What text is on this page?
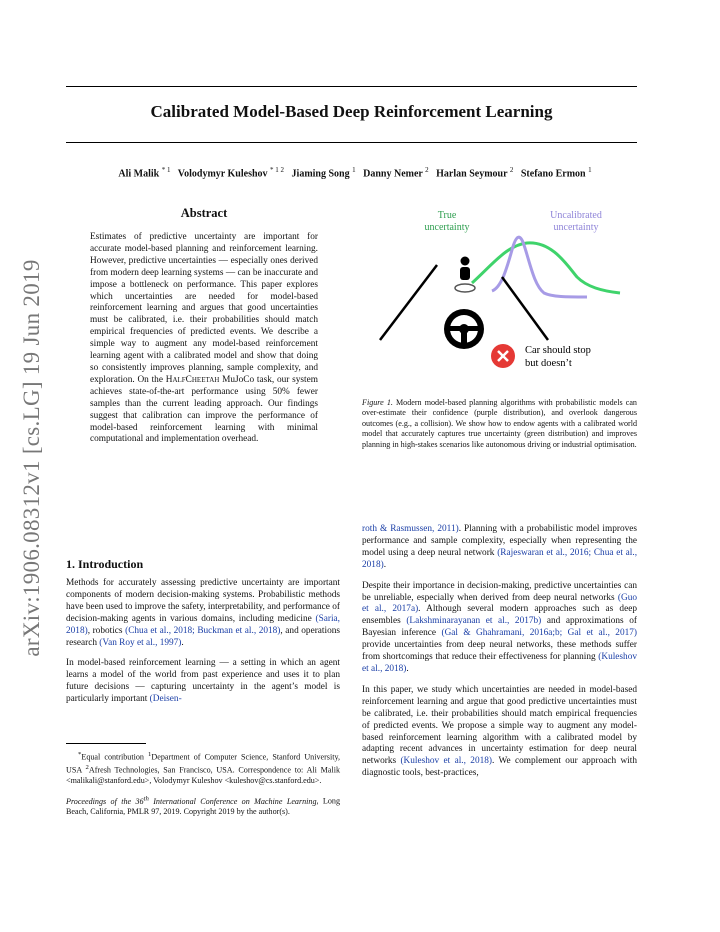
arXiv:1906.08312v1 [cs.LG] 19 Jun 2019
Calibrated Model-Based Deep Reinforcement Learning
Ali Malik $^{* 1}$ Volodymyr Kuleshov $^{* 1 2}$ Jiaming Song $^1$ Danny Nemer $^2$ Harlan Seymour $^2$ Stefano Ermon $^1$
Abstract
Estimates of predictive uncertainty are important for accurate model-based planning and reinforcement learning. However, predictive uncertainties — especially ones derived from modern deep learning systems — can be inaccurate and impose a bottleneck on performance. This paper explores which uncertainties are needed for model-based reinforcement learning and argues that good uncertainties must be calibrated, i.e. their probabilities should match empirical frequencies of predicted events. We describe a simple way to augment any model-based reinforcement learning agent with a calibrated model and show that doing so consistently improves planning, sample complexity, and exploration. On the HalfCheetah MuJoCo task, our system achieves state-of-the-art performance using 50% fewer samples than the current leading approach. Our findings suggest that calibration can improve the performance of model-based reinforcement learning with minimal computational and implementation overhead.
True
uncertainty
Uncalibrated
uncertainty
Car should stop
but doesn’t
Figure 1. Modern model-based planning algorithms with probabilistic models can over-estimate their confidence (purple distribution), and overlook dangerous outcomes (e.g., a collision). We show how to endow agents with a calibrated world model that accurately captures true uncertainty (green distribution) and improves planning in high-stakes scenarios like autonomous driving or industrial optimisation.
1. Introduction

Methods for accurately assessing predictive uncertainty are important components of modern decision-making systems. Probabilistic methods have been used to improve the safety, interpretability, and performance of decision-making agents in various domains, including medicine (Saria, 2018), robotics (Chua et al., 2018; Buckman et al., 2018), and operations research (Van Roy et al., 1997).

In model-based reinforcement learning — a setting in which an agent learns a model of the world from past experience and uses it to plan future decisions — capturing uncertainty in the agent’s model is particularly important (Deisen-

*Equal contribution $^1$Department of Computer Science, Stanford University, USA $^2$Afresh Technologies, San Francisco, USA. Correspondence to: Ali Malik <malikali@stanford.edu>, Volodymyr Kuleshov <kuleshov@cs.stanford.edu>.
Proceedings of the 36th International Conference on Machine Learning, Long Beach, California, PMLR 97, 2019. Copyright 2019 by the author(s).

roth & Rasmussen, 2011). Planning with a probabilistic model improves performance and sample complexity, especially when representing the model using a deep neural network (Rajeswaran et al., 2016; Chua et al., 2018).

Despite their importance in decision-making, predictive uncertainties can be unreliable, especially when derived from deep neural networks (Guo et al., 2017a). Although several modern approaches such as deep ensembles (Lakshminarayanan et al., 2017b) and approximations of Bayesian inference (Gal & Ghahramani, 2016a;b; Gal et al., 2017) provide uncertainties from deep neural networks, these methods suffer from shortcomings that reduce their effectiveness for planning (Kuleshov et al., 2018).

In this paper, we study which uncertainties are needed in model-based reinforcement learning and argue that good predictive uncertainties must be calibrated, i.e. their probabilities should match empirical frequencies of predicted events. We propose a simple way to augment any model-based reinforcement learning algorithm with a calibrated model by adapting recent advances in uncertainty estimation for deep neural networks (Kuleshov et al., 2018). We complement our approach with diagnostic tools, best-practices,
